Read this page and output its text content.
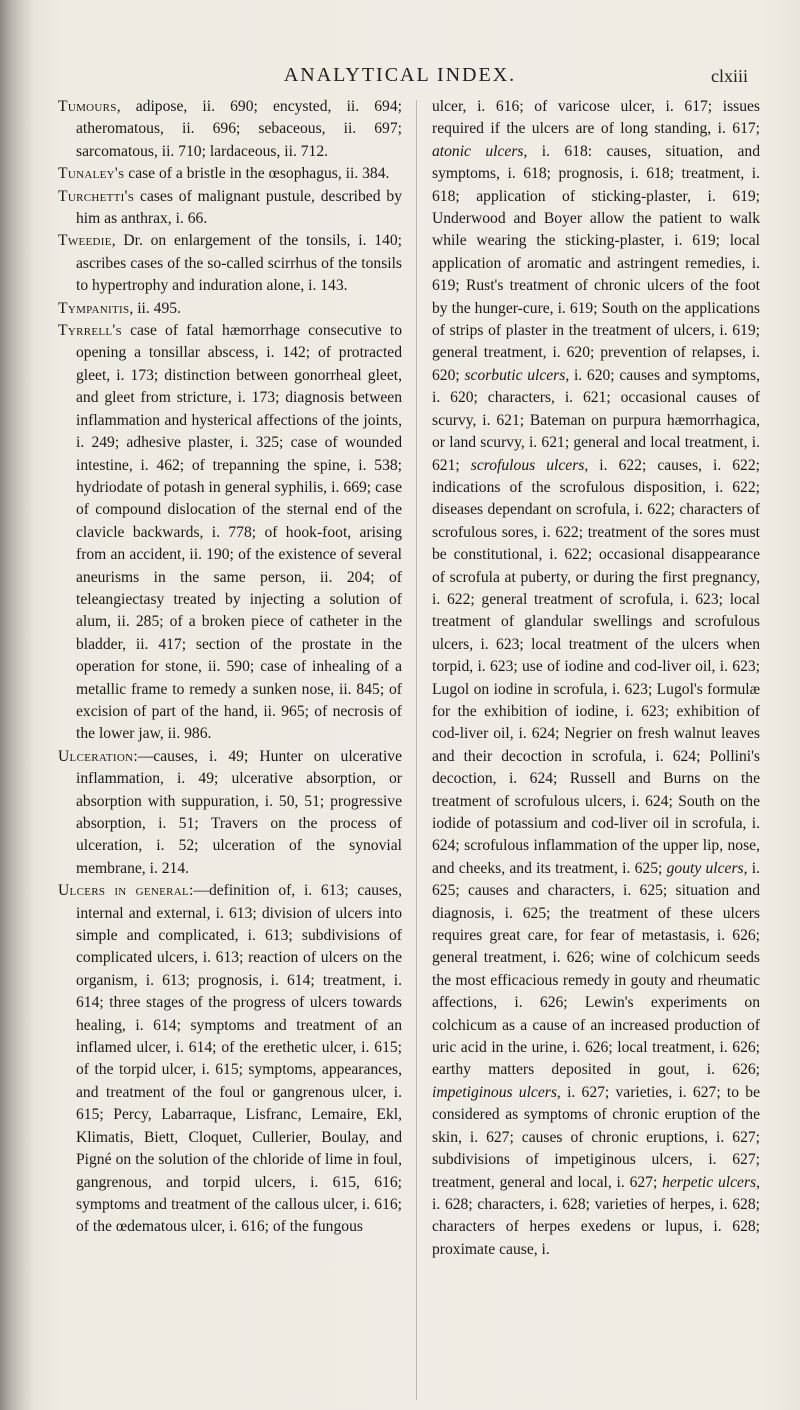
ANALYTICAL INDEX.	clxiii

Tumours, adipose, ii. 690; encysted, ii. 694; atheromatous, ii. 696; sebaceous, ii. 697; sarcomatous, ii. 710; lardaceous, ii. 712.

Tunaley's case of a bristle in the œsophagus, ii. 384.

Turchetti's cases of malignant pustule, described by him as anthrax, i. 66.

Tweedie, Dr. on enlargement of the tonsils, i. 140; ascribes cases of the so-called scirrhus of the tonsils to hypertrophy and induration alone, i. 143.

Tympanitis, ii. 495.

Tyrrell's case of fatal hæmorrhage consecutive to opening a tonsillar abscess, i. 142; of protracted gleet, i. 173; distinction between gonorrheal gleet, and gleet from stricture, i. 173; diagnosis between inflammation and hysterical affections of the joints, i. 249; adhesive plaster, i. 325; case of wounded intestine, i. 462; of trepanning the spine, i. 538; hydriodate of potash in general syphilis, i. 669; case of compound dislocation of the sternal end of the clavicle backwards, i. 778; of hook-foot, arising from an accident, ii. 190; of the existence of several aneurisms in the same person, ii. 204; of teleangiectasy treated by injecting a solution of alum, ii. 285; of a broken piece of catheter in the bladder, ii. 417; section of the prostate in the operation for stone, ii. 590; case of inhealing of a metallic frame to remedy a sunken nose, ii. 845; of excision of part of the hand, ii. 965; of necrosis of the lower jaw, ii. 986.

Ulceration:—causes, i. 49; Hunter on ulcerative inflammation, i. 49; ulcerative absorption, or absorption with suppuration, i. 50, 51; progressive absorption, i. 51; Travers on the process of ulceration, i. 52; ulceration of the synovial membrane, i. 214.

Ulcers in general:—definition of, i. 613; causes, internal and external, i. 613; division of ulcers into simple and complicated, i. 613; subdivisions of complicated ulcers, i. 613; reaction of ulcers on the organism, i. 613; prognosis, i. 614; treatment, i. 614; three stages of the progress of ulcers towards healing, i. 614; symptoms and treatment of an inflamed ulcer, i. 614; of the erethetic ulcer, i. 615; of the torpid ulcer, i. 615; symptoms, appearances, and treatment of the foul or gangrenous ulcer, i. 615; Percy, Labarraque, Lisfranc, Lemaire, Ekl, Klimatis, Biett, Cloquet, Cullerier, Boulay, and Pigné on the solution of the chloride of lime in foul, gangrenous, and torpid ulcers, i. 615, 616; symptoms and treatment of the callous ulcer, i. 616; of the œdematous ulcer, i. 616; of the fungous

ulcer, i. 616; of varicose ulcer, i. 617; issues required if the ulcers are of long standing, i. 617; atonic ulcers, i. 618: causes, situation, and symptoms, i. 618; prognosis, i. 618; treatment, i. 618; application of sticking-plaster, i. 619; Underwood and Boyer allow the patient to walk while wearing the sticking-plaster, i. 619; local application of aromatic and astringent remedies, i. 619; Rust's treatment of chronic ulcers of the foot by the hunger-cure, i. 619; South on the applications of strips of plaster in the treatment of ulcers, i. 619; general treatment, i. 620; prevention of relapses, i. 620; scorbutic ulcers, i. 620; causes and symptoms, i. 620; characters, i. 621; occasional causes of scurvy, i. 621; Bateman on purpura hæmorrhagica, or land scurvy, i. 621; general and local treatment, i. 621; scrofulous ulcers, i. 622; causes, i. 622; indications of the scrofulous disposition, i. 622; diseases dependant on scrofula, i. 622; characters of scrofulous sores, i. 622; treatment of the sores must be constitutional, i. 622; occasional disappearance of scrofula at puberty, or during the first pregnancy, i. 622; general treatment of scrofula, i. 623; local treatment of glandular swellings and scrofulous ulcers, i. 623; local treatment of the ulcers when torpid, i. 623; use of iodine and cod-liver oil, i. 623; Lugol on iodine in scrofula, i. 623; Lugol's formulæ for the exhibition of iodine, i. 623; exhibition of cod-liver oil, i. 624; Negrier on fresh walnut leaves and their decoction in scrofula, i. 624; Pollini's decoction, i. 624; Russell and Burns on the treatment of scrofulous ulcers, i. 624; South on the iodide of potassium and cod-liver oil in scrofula, i. 624; scrofulous inflammation of the upper lip, nose, and cheeks, and its treatment, i. 625; gouty ulcers, i. 625; causes and characters, i. 625; situation and diagnosis, i. 625; the treatment of these ulcers requires great care, for fear of metastasis, i. 626; general treatment, i. 626; wine of colchicum seeds the most efficacious remedy in gouty and rheumatic affections, i. 626; Lewin's experiments on colchicum as a cause of an increased production of uric acid in the urine, i. 626; local treatment, i. 626; earthy matters deposited in gout, i. 626; impetiginous ulcers, i. 627; varieties, i. 627; to be considered as symptoms of chronic eruption of the skin, i. 627; causes of chronic eruptions, i. 627; subdivisions of impetiginous ulcers, i. 627; treatment, general and local, i. 627; herpetic ulcers, i. 628; characters, i. 628; varieties of herpes, i. 628; characters of herpes exedens or lupus, i. 628; proximate cause, i.
